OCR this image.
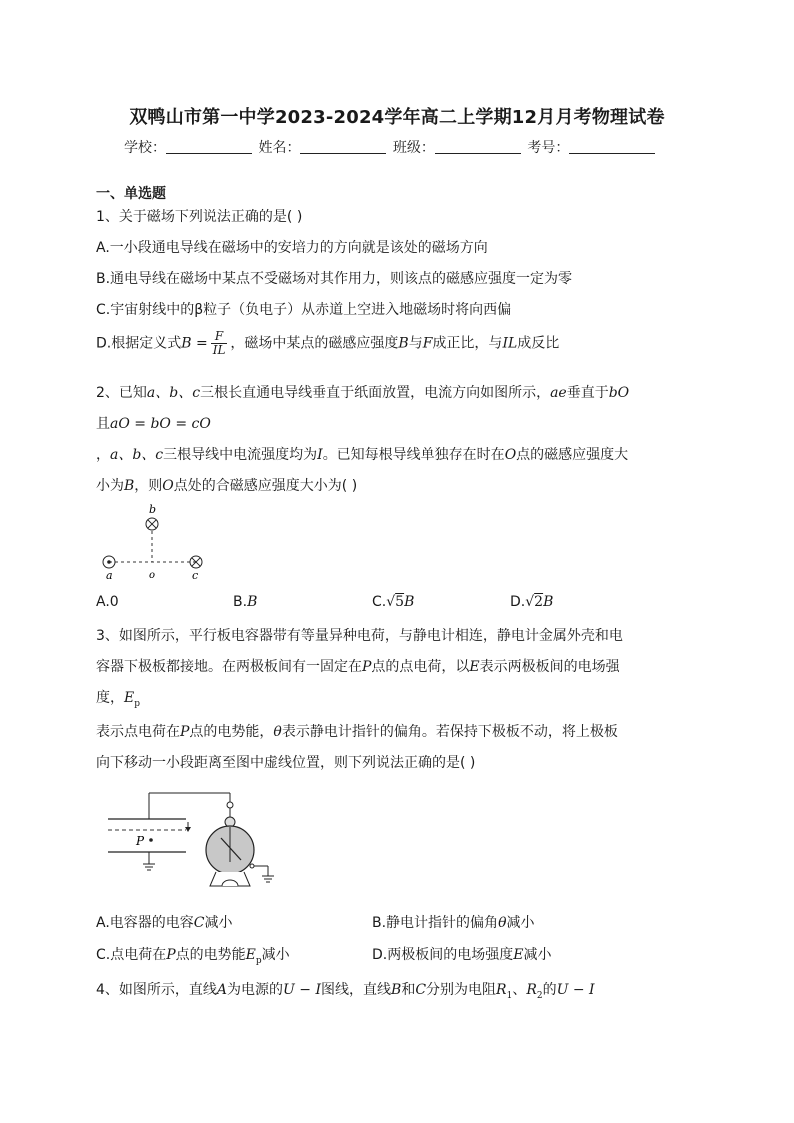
双鸭山市第一中学2023-2024学年高二上学期12月月考物理试卷
学校：	姓名：	班级：	考号：
一、单选题
1、关于磁场下列说法正确的是( )
A.一小段通电导线在磁场中的安培力的方向就是该处的磁场方向
B.通电导线在磁场中某点不受磁场对其作用力，则该点的磁感应强度一定为零
C.宇宙射线中的β粒子（负电子）从赤道上空进入地磁场时将向西偏
D.根据定义式$B = \frac{F}{IL}$ ，磁场中某点的磁感应强度B与F成正比，与IL成反比
2、已知a、b、c三根长直通电导线垂直于纸面放置，电流方向如图所示，ae垂直于bO
且aO = bO = cO
，a、b、c三根导线中电流强度均为I。已知每根导线单独存在时在O点的磁感应强度大
小为B，则O点处的合磁感应强度大小为( )
b
a	o	c
A.0	B.B	C.√5B	D.√2B
3、如图所示，平行板电容器带有等量异种电荷，与静电计相连，静电计金属外壳和电
容器下极板都接地。在两极板间有一固定在P点的点电荷，以E表示两极板间的电场强
度，$E_p$
表示点电荷在P点的电势能，θ表示静电计指针的偏角。若保持下极板不动，将上极板
向下移动一小段距离至图中虚线位置，则下列说法正确的是( )
P
A.电容器的电容C减小	B.静电计指针的偏角θ减小
C.点电荷在P点的电势能$E_p$减小	D.两极板间的电场强度E减小
4、如图所示，直线A为电源的U − I图线，直线B和C分别为电阻$R_1$、$R_2$的U − I
